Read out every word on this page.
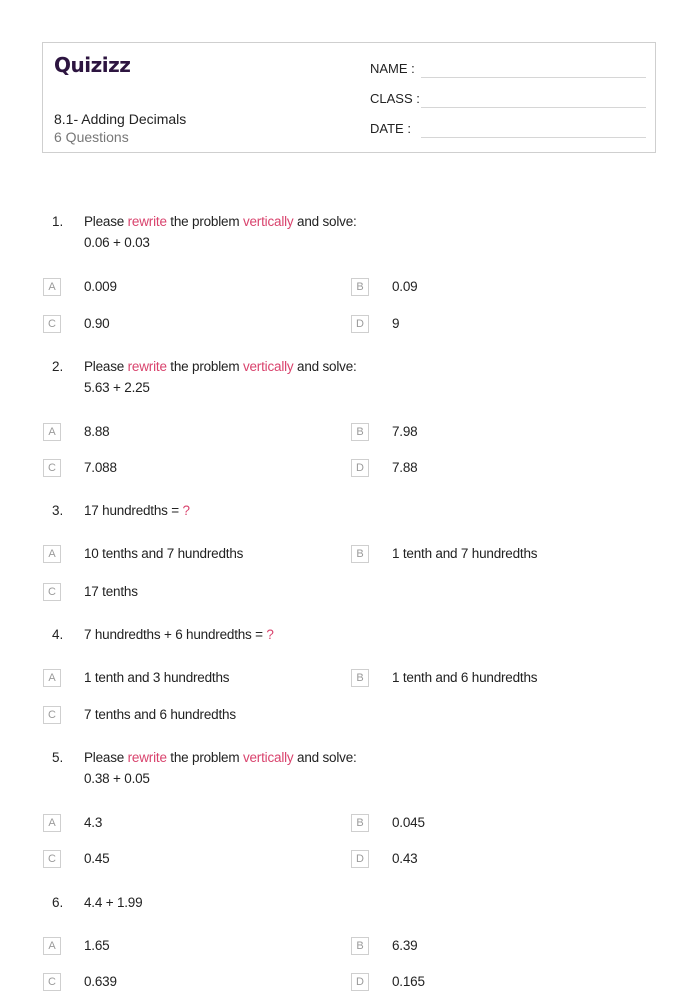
Quizizz
8.1- Adding Decimals
6 Questions
NAME :
CLASS :
DATE :
1. Please rewrite the problem vertically and solve:
0.06 + 0.03
A	0.009	B	0.09
C	0.90	D	9
2. Please rewrite the problem vertically and solve:
5.63 + 2.25
A	8.88	B	7.98
C	7.088	D	7.88
3. 17 hundredths = ?
A	10 tenths and 7 hundredths	B	1 tenth and 7 hundredths
C	17 tenths
4. 7 hundredths + 6 hundredths = ?
A	1 tenth and 3 hundredths	B	1 tenth and 6 hundredths
C	7 tenths and 6 hundredths
5. Please rewrite the problem vertically and solve:
0.38 + 0.05
A	4.3	B	0.045
C	0.45	D	0.43
6. 4.4 + 1.99
A	1.65	B	6.39
C	0.639	D	0.165
